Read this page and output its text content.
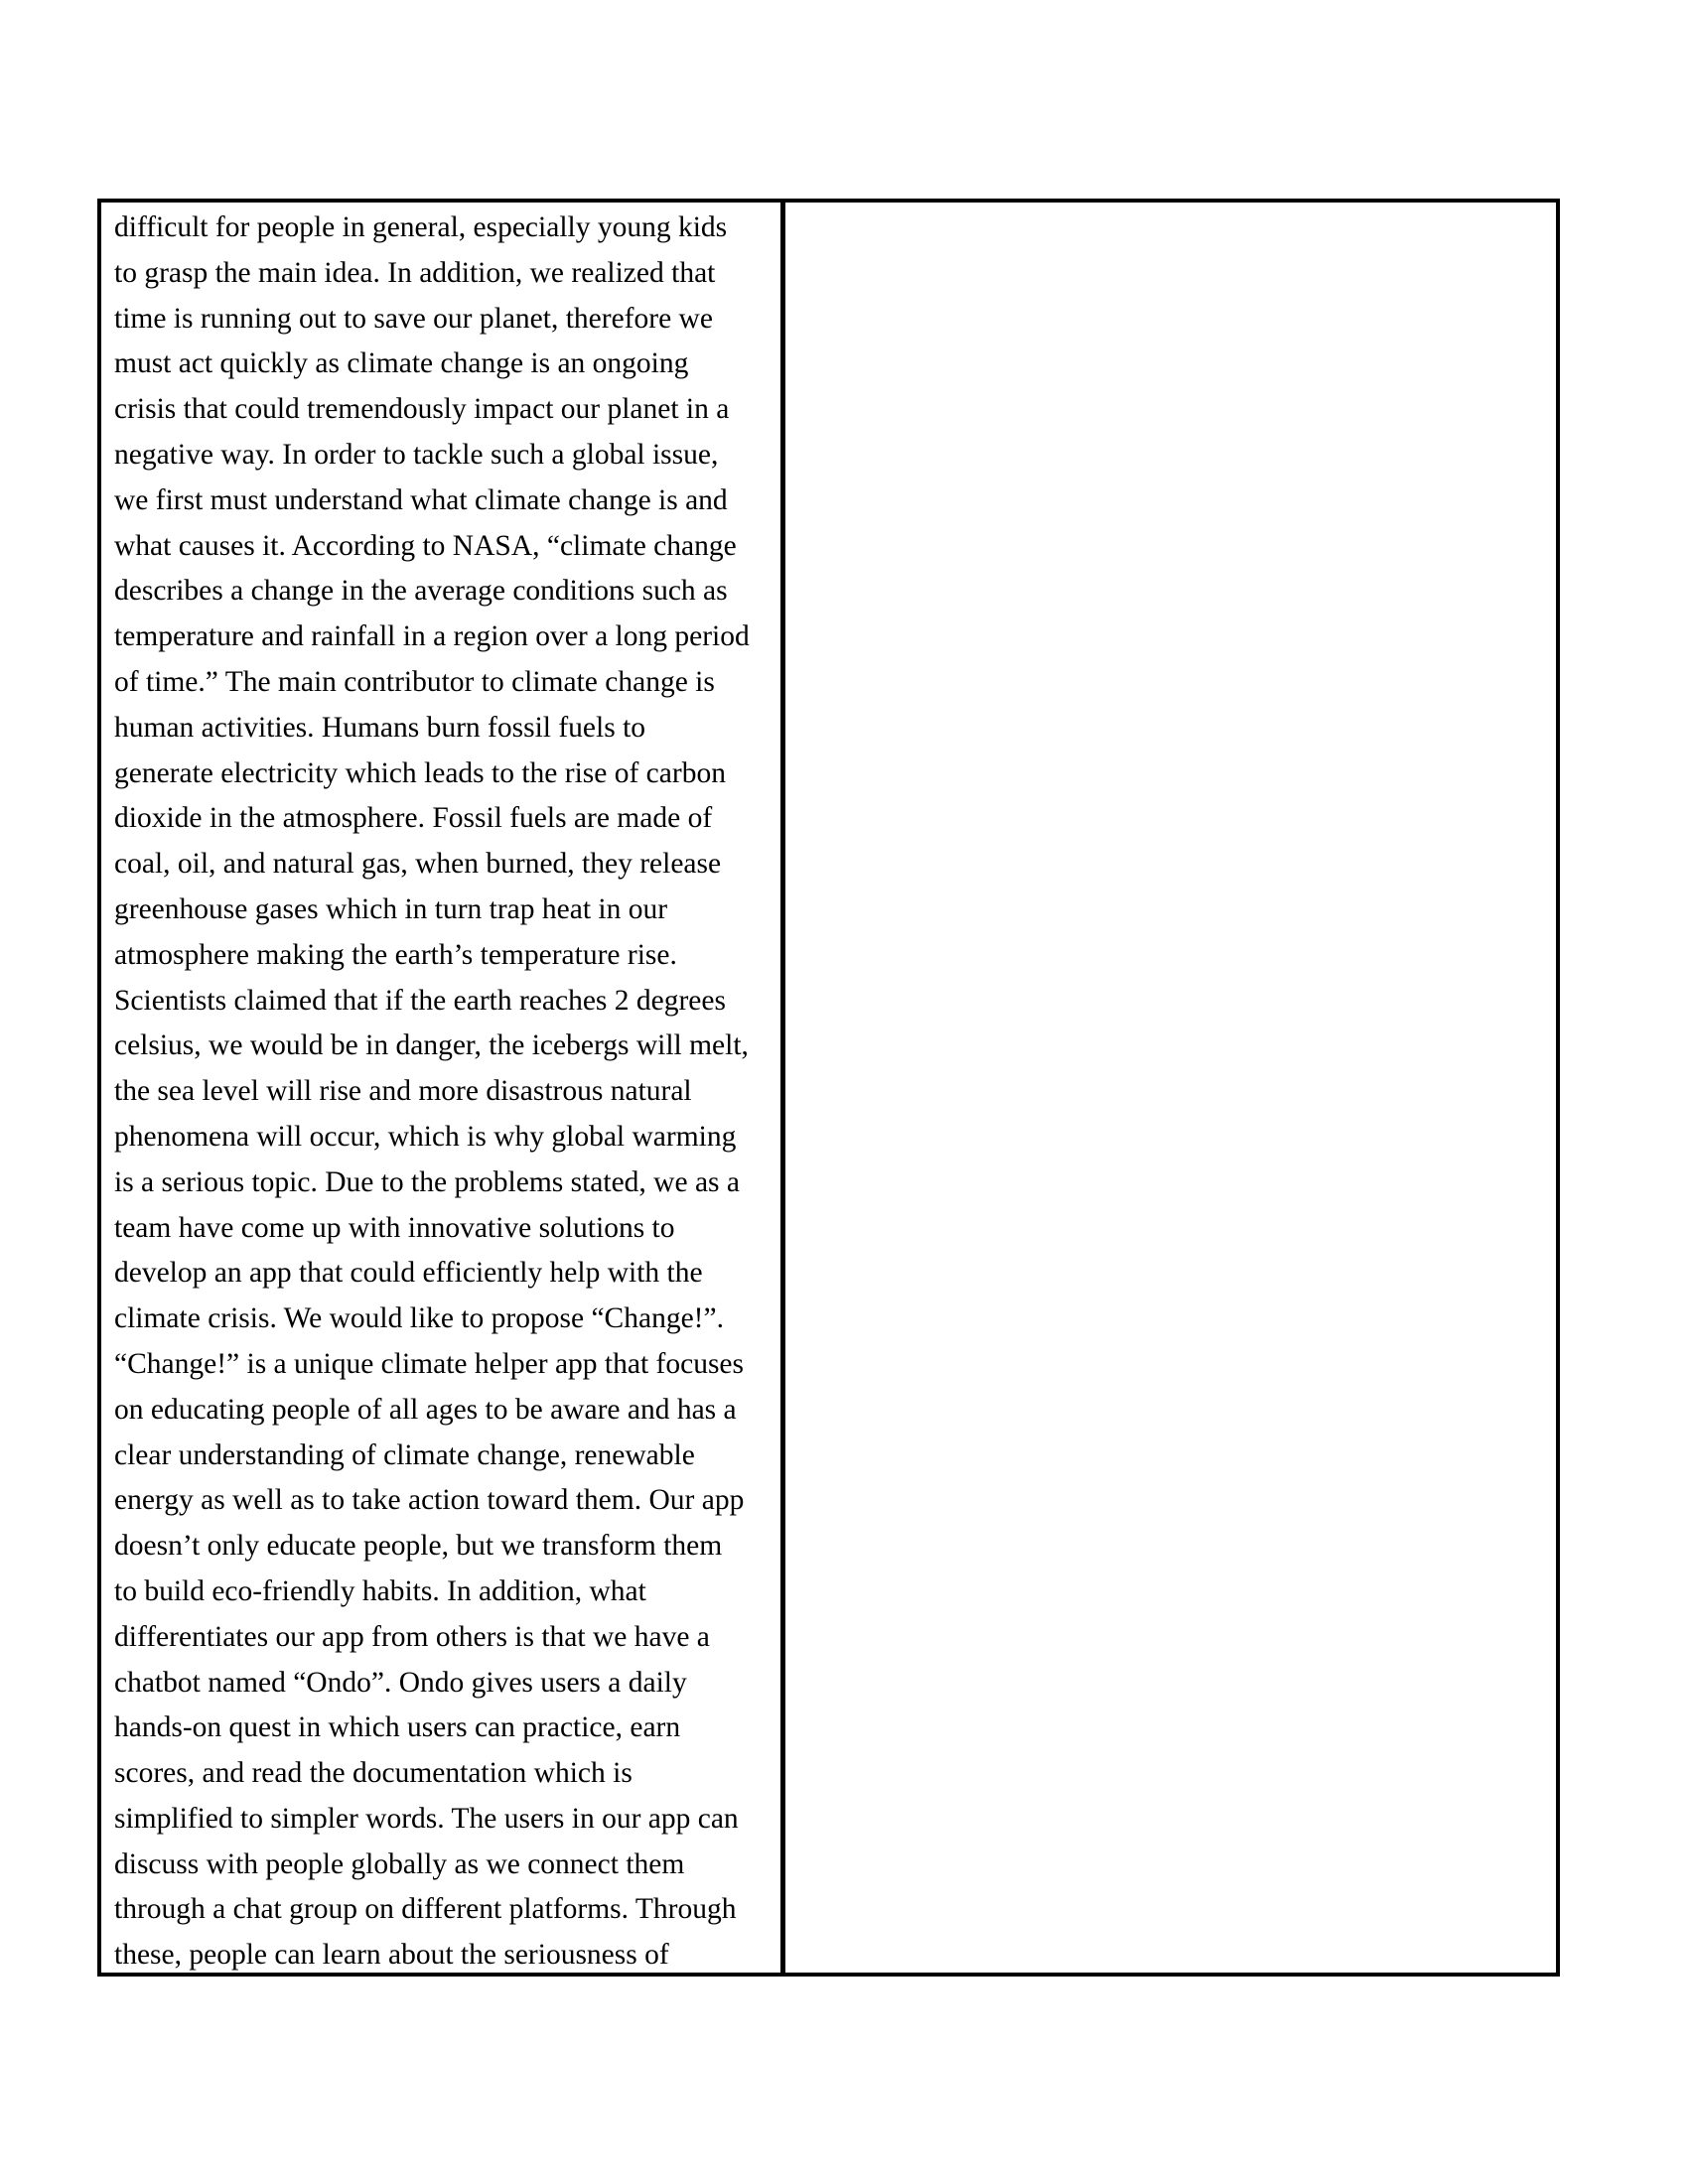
difficult for people in general, especially young kids
to grasp the main idea. In addition, we realized that
time is running out to save our planet, therefore we
must act quickly as climate change is an ongoing
crisis that could tremendously impact our planet in a
negative way. In order to tackle such a global issue,
we first must understand what climate change is and
what causes it. According to NASA, “climate change
describes a change in the average conditions such as
temperature and rainfall in a region over a long period
of time.” The main contributor to climate change is
human activities. Humans burn fossil fuels to
generate electricity which leads to the rise of carbon
dioxide in the atmosphere. Fossil fuels are made of
coal, oil, and natural gas, when burned, they release
greenhouse gases which in turn trap heat in our
atmosphere making the earth’s temperature rise.
Scientists claimed that if the earth reaches 2 degrees
celsius, we would be in danger, the icebergs will melt,
the sea level will rise and more disastrous natural
phenomena will occur, which is why global warming
is a serious topic. Due to the problems stated, we as a
team have come up with innovative solutions to
develop an app that could efficiently help with the
climate crisis. We would like to propose “Change!”.
“Change!” is a unique climate helper app that focuses
on educating people of all ages to be aware and has a
clear understanding of climate change, renewable
energy as well as to take action toward them. Our app
doesn’t only educate people, but we transform them
to build eco-friendly habits. In addition, what
differentiates our app from others is that we have a
chatbot named “Ondo”. Ondo gives users a daily
hands-on quest in which users can practice, earn
scores, and read the documentation which is
simplified to simpler words. The users in our app can
discuss with people globally as we connect them
through a chat group on different platforms. Through
these, people can learn about the seriousness of
